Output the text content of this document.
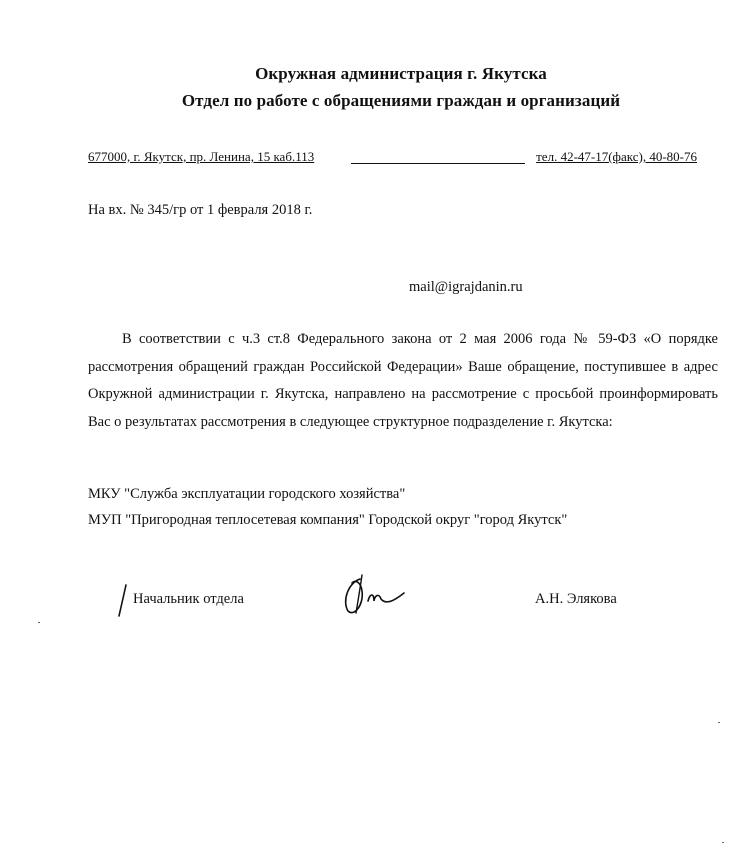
Окружная администрация г. Якутска
Отдел по работе с обращениями граждан и организаций
677000, г. Якутск, пр. Ленина, 15 каб.113	тел. 42-47-17(факс), 40-80-76
На вх. № 345/гр от 1 февраля 2018 г.
mail@igrajdanin.ru

В соответствии с ч.3 ст.8 Федерального закона от 2 мая 2006 года № 59-ФЗ «О порядке рассмотрения обращений граждан Российской Федерации» Ваше обращение, поступившее в адрес Окружной администрации г. Якутска, направлено на рассмотрение с просьбой проинформировать Вас о результатах рассмотрения в следующее структурное подразделение г. Якутска:

МКУ "Служба эксплуатации городского хозяйства"
МУП "Пригородная теплосетевая компания" Городской округ "город Якутск"
Начальник отдела	А.Н. Элякова
